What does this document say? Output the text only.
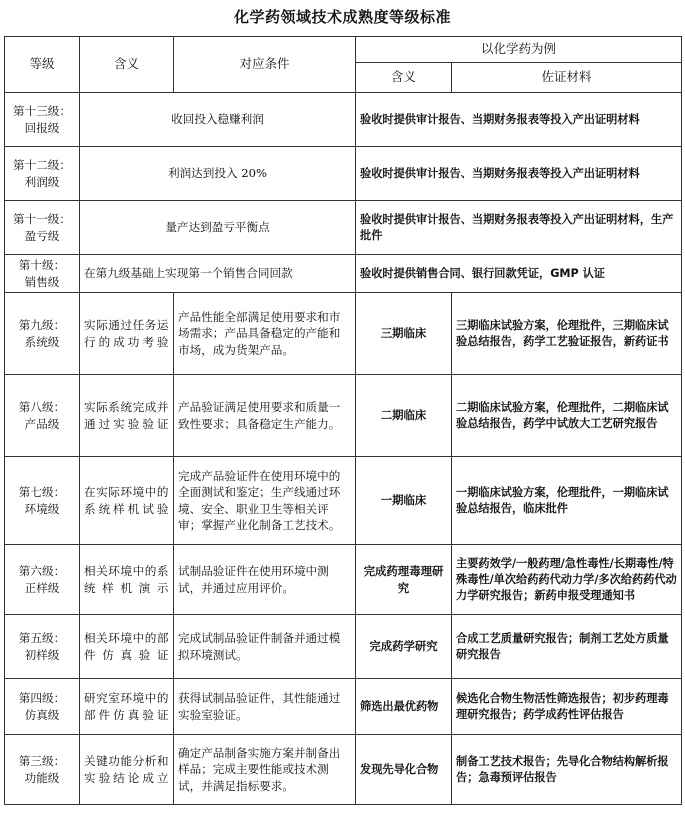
化学药领域技术成熟度等级标准
等级	含义	对应条件	以化学药为例	
			含义	佐证材料

第十三级：
回报级	收回投入稳赚利润		验收时提供审计报告、当期财务报表等投入产出证明材料	

第十二级：
利润级	利润达到投入 20%		验收时提供审计报告、当期财务报表等投入产出证明材料	

第十一级：
盈亏级	量产达到盈亏平衡点		验收时提供审计报告、当期财务报表等投入产出证明材料，生产批件	

第十级：
销售级	在第九级基础上实现第一个销售合同回款		验收时提供销售合同、银行回款凭证，GMP 认证	

第九级：
系统级	实际通过任务运行的成功考验	产品性能全部满足使用要求和市场需求；产品具备稳定的产能和市场，成为货架产品。	三期临床	三期临床试验方案，伦理批件，三期临床试验总结报告，药学工艺验证报告，新药证书

第八级：
产品级	实际系统完成并通过实验验证	产品验证满足使用要求和质量一致性要求；具备稳定生产能力。	二期临床	二期临床试验方案，伦理批件，二期临床试验总结报告，药学中试放大工艺研究报告

第七级：
环境级	在实际环境中的系统样机试验	完成产品验证件在使用环境中的全面测试和鉴定；生产线通过环境、安全、职业卫生等相关评审；掌握产业化制备工艺技术。	一期临床	一期临床试验方案，伦理批件，一期临床试验总结报告，临床批件

第六级：
正样级	相关环境中的系统样机演示	试制品验证件在使用环境中测试，并通过应用评价。	完成药理毒理研究	主要药效学/一般药理/急性毒性/长期毒性/特殊毒性/单次给药药代动力学/多次给药药代动力学研究报告；新药申报受理通知书

第五级：
初样级	相关环境中的部件仿真验证	完成试制品验证件制备并通过模拟环境测试。	完成药学研究	合成工艺质量研究报告；制剂工艺处方质量研究报告

第四级：
仿真级	研究室环境中的部件仿真验证	获得试制品验证件，其性能通过实验室验证。	筛选出最优药物	候选化合物生物活性筛选报告；初步药理毒理研究报告；药学成药性评估报告

第三级：
功能级	关键功能分析和实验结论成立	确定产品制备实施方案并制备出样品；完成主要性能或技术测试，并满足指标要求。	发现先导化合物	制备工艺技术报告；先导化合物结构解析报告；急毒预评估报告
